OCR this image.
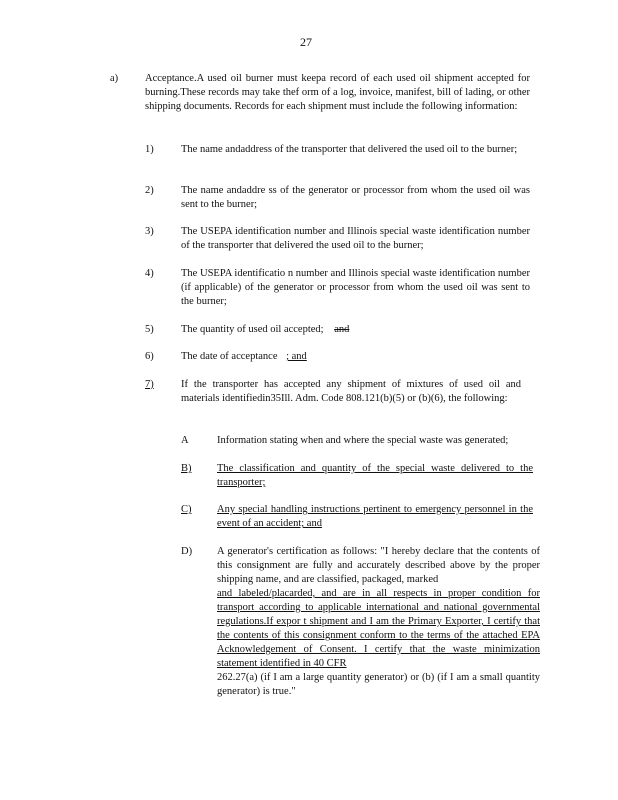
27
a)	Acceptance.A used oil burner must keepa record of each used oil shipment accepted for burning.These records may take thef orm of a log, invoice, manifest, bill of lading, or other shipping documents. Records for each shipment must include the following information:
1)	The name andaddress of the transporter that delivered the used oil to the burner;
2)	The name andaddre ss of the generator or processor from whom the used oil was sent to the burner;
3)	The USEPA identification number and Illinois special waste identification number of the transporter that delivered the used oil to the burner;
4)	The USEPA identificatio n number and Illinois special waste identification number (if applicable) of the generator or processor from whom the used oil was sent to the burner;
5)	The quantity of used oil accepted; and
6)	The date of acceptance ; and
7)	If the transporter has accepted any shipment of mixtures of used oil and materials identifiedin35Ill. Adm. Code 808.121(b)(5) or (b)(6), the following:
A	Information stating when and where the special waste was generated;
B) The classification and quantity of the special waste delivered to the transporter;
C) Any special handling instructions pertinent to emergency personnel in the event of an accident; and
D) A generator's certification as follows: "I hereby declare that the contents of this consignment are fully and accurately described above by the proper shipping name, and are classified, packaged, marked
and labeled/placarded, and are in all respects in proper condition for transport according to applicable international and national governmental regulations.If expor t shipment and I am the Primary Exporter, I certify that the contents of this consignment conform to the terms of the attached EPA Acknowledgement of Consent. I certify that the waste minimization statement identified in 40 CFR
262.27(a) (if I am a large quantity generator) or (b) (if I am a small quantity generator) is true."
